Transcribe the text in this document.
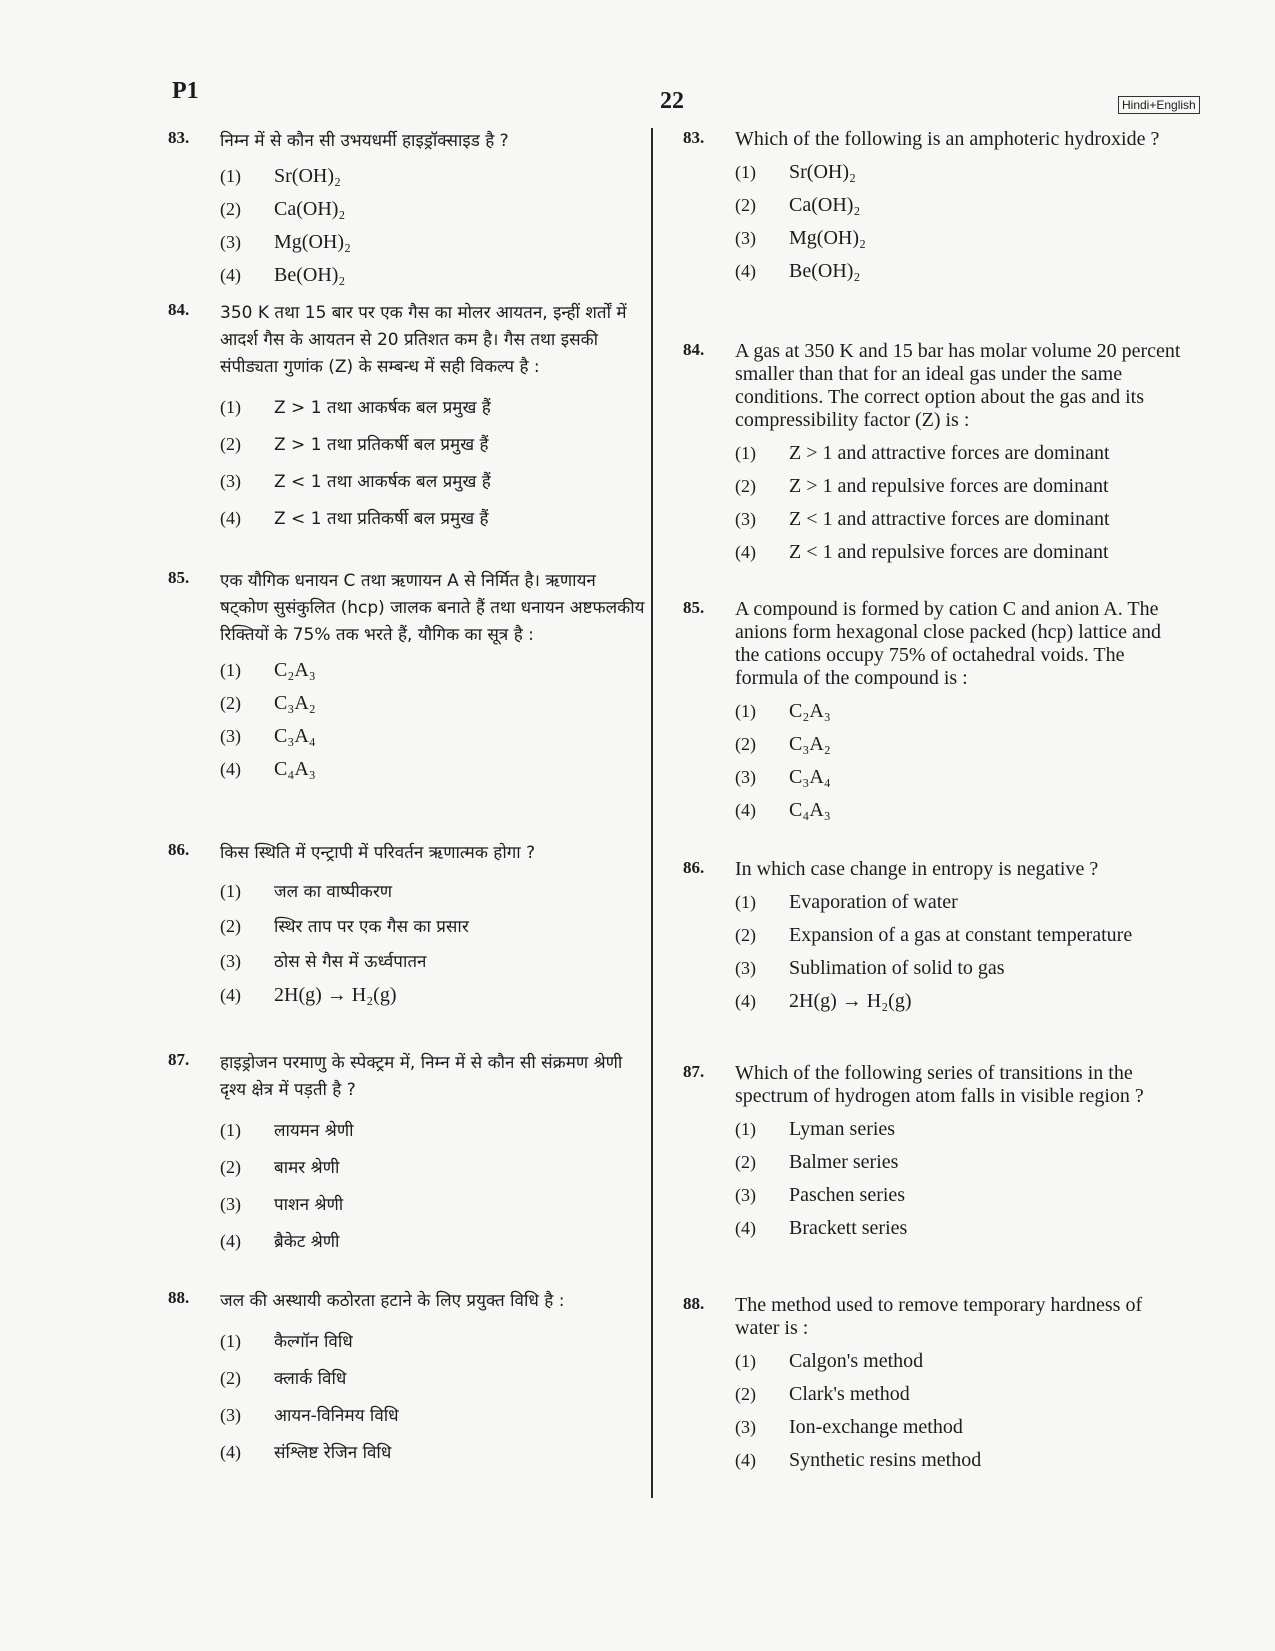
P1	22	Hindi+English
83. निम्न में से कौन सी उभयधर्मी हाइड्रॉक्साइड है ?
(1)	Sr(OH)₂
(2)	Ca(OH)₂
(3)	Mg(OH)₂
(4)	Be(OH)₂
84. 350 K तथा 15 बार पर एक गैस का मोलर आयतन, इन्हीं शर्तों में आदर्श गैस के आयतन से 20 प्रतिशत कम है। गैस तथा इसकी संपीड्यता गुणांक (Z) के सम्बन्ध में सही विकल्प है :
(1)	Z > 1 तथा आकर्षक बल प्रमुख हैं
(2)	Z > 1 तथा प्रतिकर्षी बल प्रमुख हैं
(3)	Z < 1 तथा आकर्षक बल प्रमुख हैं
(4)	Z < 1 तथा प्रतिकर्षी बल प्रमुख हैं
85. एक यौगिक धनायन C तथा ऋणायन A से निर्मित है। ऋणायन षट्कोण सुसंकुलित (hcp) जालक बनाते हैं तथा धनायन अष्टफलकीय रिक्तियों के 75% तक भरते हैं, यौगिक का सूत्र है :
(1)	C₂A₃
(2)	C₃A₂
(3)	C₃A₄
(4)	C₄A₃
86. किस स्थिति में एन्ट्रापी में परिवर्तन ऋणात्मक होगा ?
(1)	जल का वाष्पीकरण
(2)	स्थिर ताप पर एक गैस का प्रसार
(3)	ठोस से गैस में ऊर्ध्वपातन
(4)	2H(g) → H₂(g)
87. हाइड्रोजन परमाणु के स्पेक्ट्रम में, निम्न में से कौन सी संक्रमण श्रेणी दृश्य क्षेत्र में पड़ती है ?
(1)	लायमन श्रेणी
(2)	बामर श्रेणी
(3)	पाशन श्रेणी
(4)	ब्रैकेट श्रेणी
88. जल की अस्थायी कठोरता हटाने के लिए प्रयुक्त विधि है :
(1)	कैल्गॉन विधि
(2)	क्लार्क विधि
(3)	आयन-विनिमय विधि
(4)	संश्लिष्ट रेजिन विधि
83. Which of the following is an amphoteric hydroxide ?
(1)	Sr(OH)₂
(2)	Ca(OH)₂
(3)	Mg(OH)₂
(4)	Be(OH)₂
84. A gas at 350 K and 15 bar has molar volume 20 percent smaller than that for an ideal gas under the same conditions. The correct option about the gas and its compressibility factor (Z) is :
(1)	Z > 1 and attractive forces are dominant
(2)	Z > 1 and repulsive forces are dominant
(3)	Z < 1 and attractive forces are dominant
(4)	Z < 1 and repulsive forces are dominant
85. A compound is formed by cation C and anion A. The anions form hexagonal close packed (hcp) lattice and the cations occupy 75% of octahedral voids. The formula of the compound is :
(1)	C₂A₃
(2)	C₃A₂
(3)	C₃A₄
(4)	C₄A₃
86. In which case change in entropy is negative ?
(1)	Evaporation of water
(2)	Expansion of a gas at constant temperature
(3)	Sublimation of solid to gas
(4)	2H(g) → H₂(g)
87. Which of the following series of transitions in the spectrum of hydrogen atom falls in visible region ?
(1)	Lyman series
(2)	Balmer series
(3)	Paschen series
(4)	Brackett series
88. The method used to remove temporary hardness of water is :
(1)	Calgon's method
(2)	Clark's method
(3)	Ion-exchange method
(4)	Synthetic resins method
